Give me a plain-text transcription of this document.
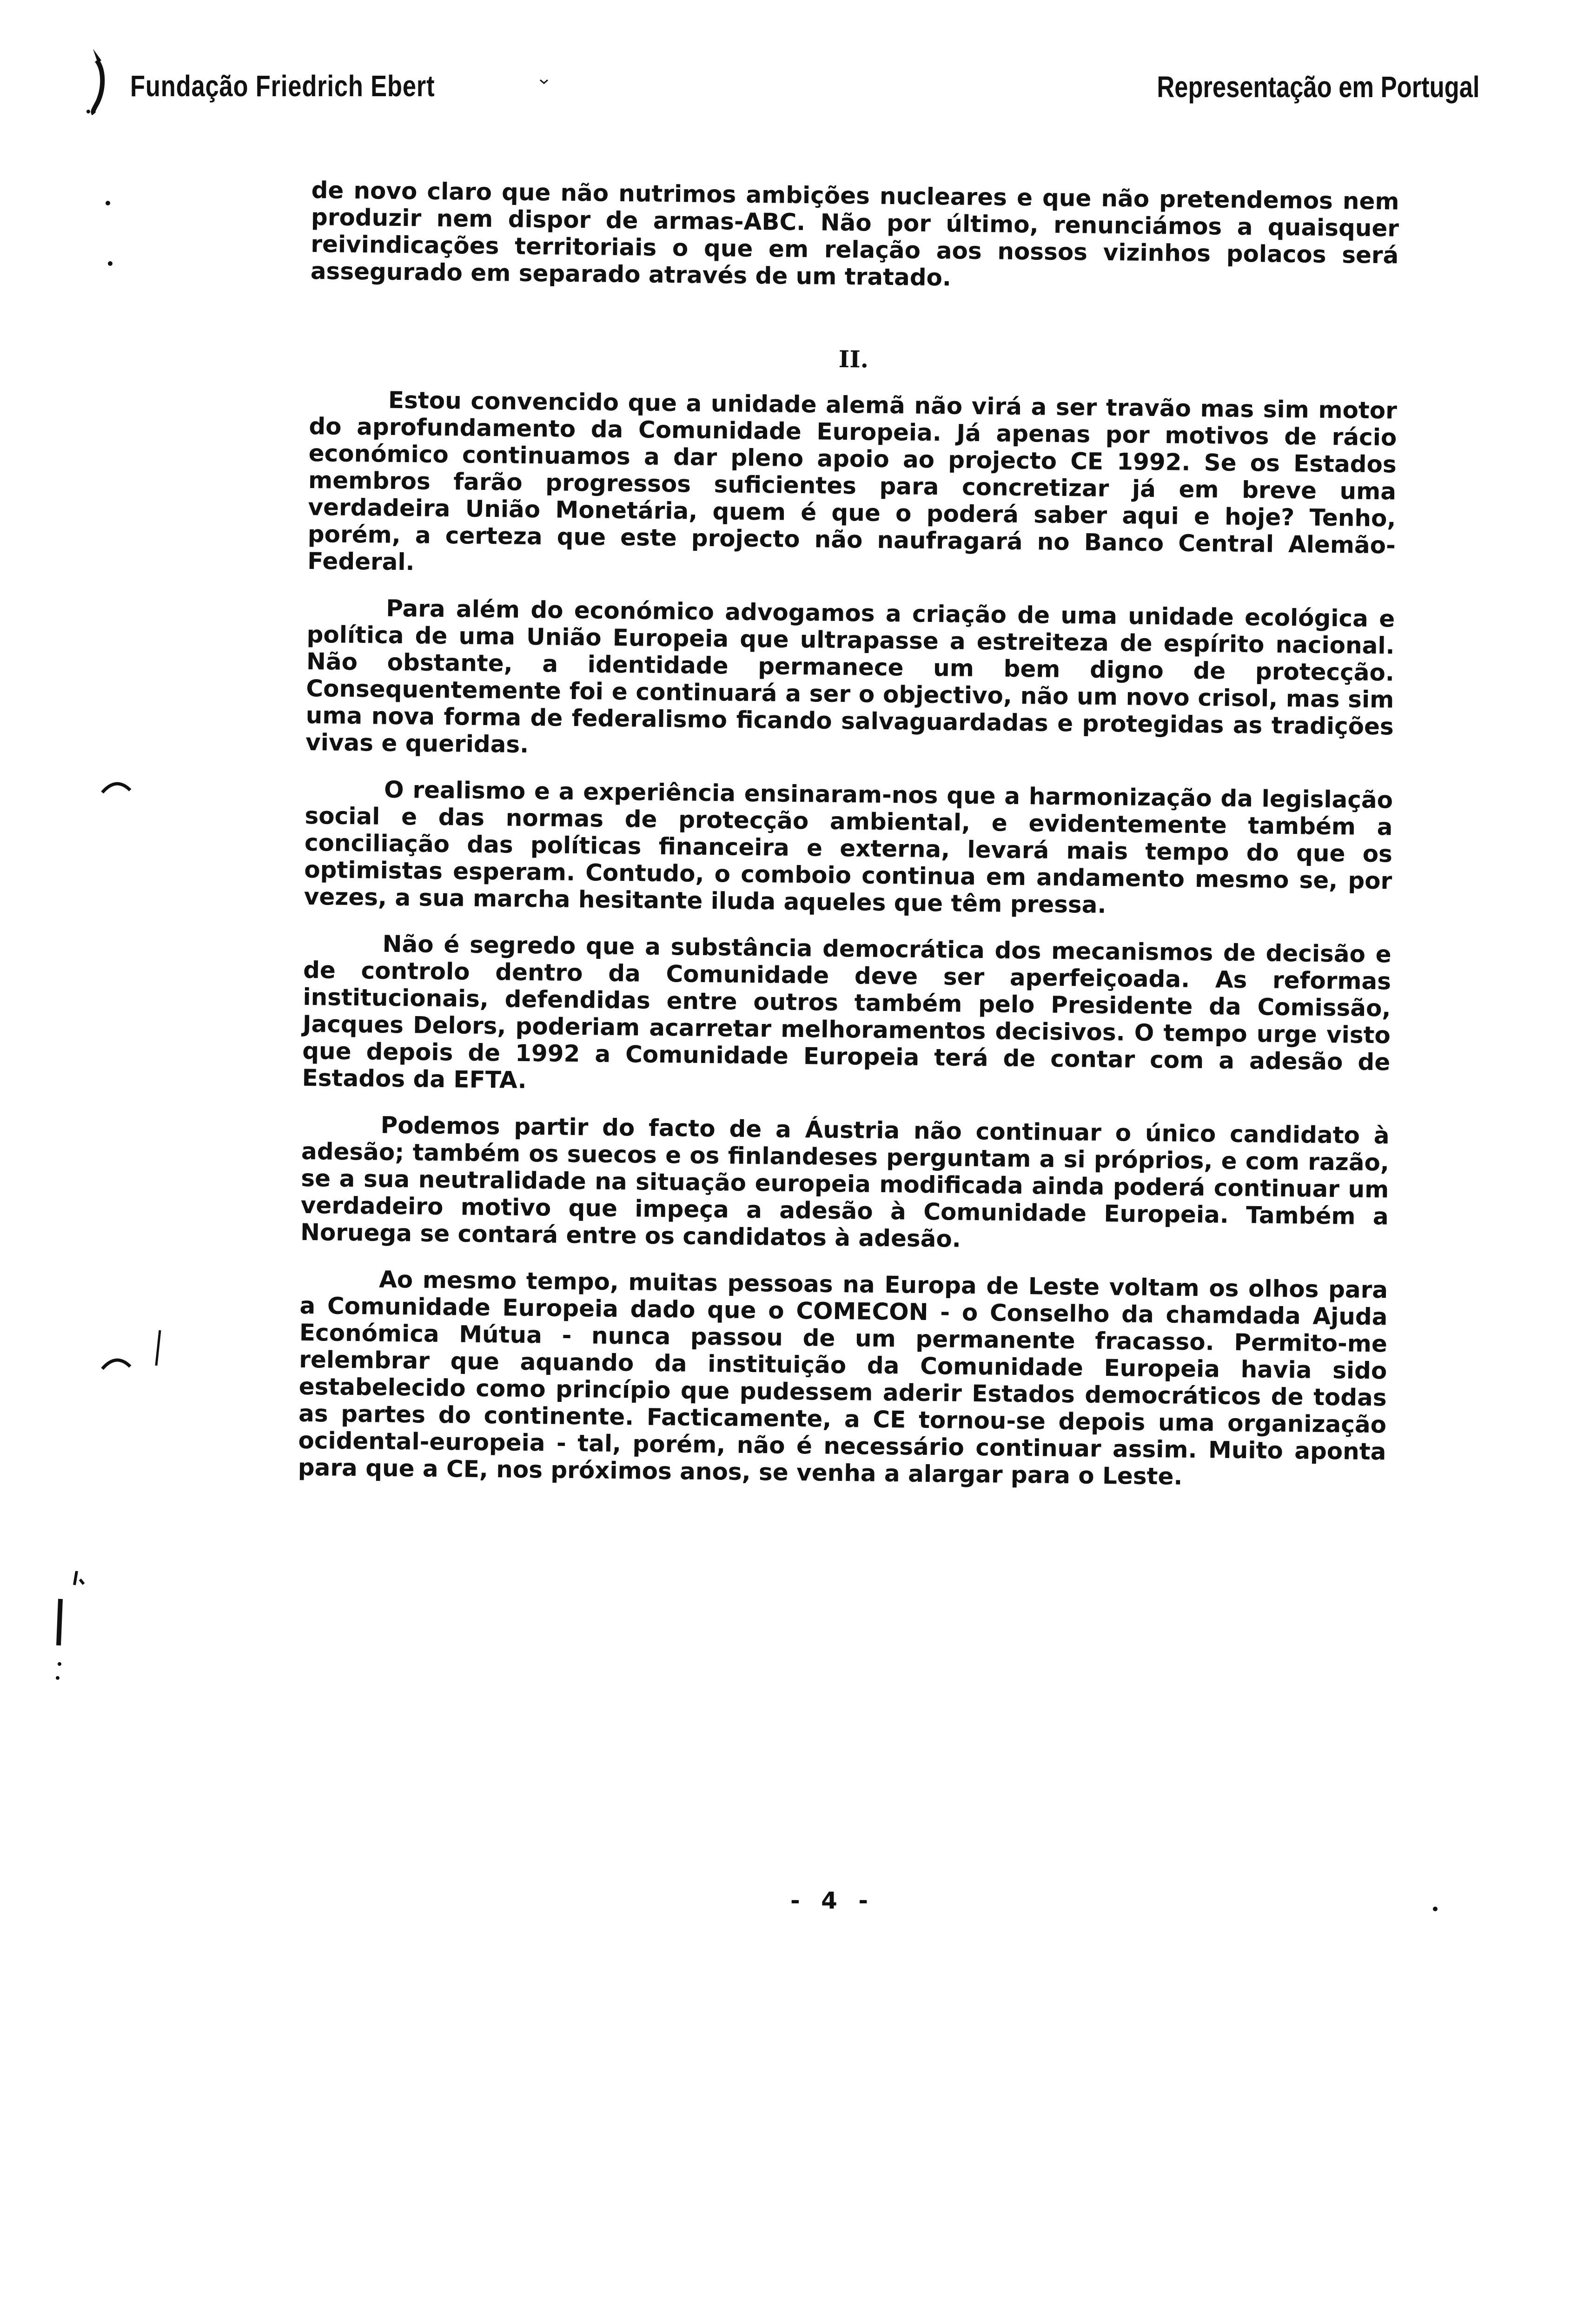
Fundação Friedrich Ebert	Representação em Portugal

de novo claro que não nutrimos ambições nucleares e que não pretendemos nem produzir nem dispor de armas-ABC. Não por último, renunciámos a quaisquer reivindicações territoriais o que em relação aos nossos vizinhos polacos será assegurado em separado através de um tratado.

II.

Estou convencido que a unidade alemã não virá a ser travão mas sim motor do aprofundamento da Comunidade Europeia. Já apenas por motivos de rácio económico continuamos a dar pleno apoio ao projecto CE 1992. Se os Estados membros farão progressos suficientes para concretizar já em breve uma verdadeira União Monetária, quem é que o poderá saber aqui e hoje? Tenho, porém, a certeza que este projecto não naufragará no Banco Central Alemão-Federal.

Para além do económico advogamos a criação de uma unidade ecológica e política de uma União Europeia que ultrapasse a estreiteza de espírito nacional. Não obstante, a identidade permanece um bem digno de protecção. Consequentemente foi e continuará a ser o objectivo, não um novo crisol, mas sim uma nova forma de federalismo ficando salvaguardadas e protegidas as tradições vivas e queridas.

O realismo e a experiência ensinaram-nos que a harmonização da legislação social e das normas de protecção ambiental, e evidentemente também a conciliação das políticas financeira e externa, levará mais tempo do que os optimistas esperam. Contudo, o comboio continua em andamento mesmo se, por vezes, a sua marcha hesitante iluda aqueles que têm pressa.

Não é segredo que a substância democrática dos mecanismos de decisão e de controlo dentro da Comunidade deve ser aperfeiçoada. As reformas institucionais, defendidas entre outros também pelo Presidente da Comissão, Jacques Delors, poderiam acarretar melhoramentos decisivos. O tempo urge visto que depois de 1992 a Comunidade Europeia terá de contar com a adesão de Estados da EFTA.

Podemos partir do facto de a Áustria não continuar o único candidato à adesão; também os suecos e os finlandeses perguntam a si próprios, e com razão, se a sua neutralidade na situação europeia modificada ainda poderá continuar um verdadeiro motivo que impeça a adesão à Comunidade Europeia. Também a Noruega se contará entre os candidatos à adesão.

Ao mesmo tempo, muitas pessoas na Europa de Leste voltam os olhos para a Comunidade Europeia dado que o COMECON - o Conselho da chamdada Ajuda Económica Mútua - nunca passou de um permanente fracasso. Permito-me relembrar que aquando da instituição da Comunidade Europeia havia sido estabelecido como princípio que pudessem aderir Estados democráticos de todas as partes do continente. Facticamente, a CE tornou-se depois uma organização ocidental-europeia - tal, porém, não é necessário continuar assim. Muito aponta para que a CE, nos próximos anos, se venha a alargar para o Leste.

- 4 -
